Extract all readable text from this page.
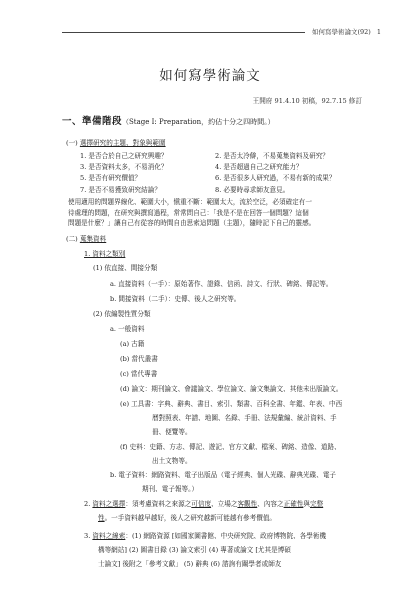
如何寫學術論文(92) 1
如何寫學術論文
王開府 91.4.10 初稿，92.7.15 修訂
一、準備階段（Stage I: Preparation，約佔十分之四時間。）
(一) 選擇研究的主題、對象與範圍
1. 是否合於自己之研究興趣？	2. 是否太冷僻，不易蒐集資料及研究？
3. 是否資料太多，不易消化？	4. 是否超過自己之研究能力？
5. 是否有研究價值？	6. 是否很多人研究過，不易有新的成果？
7. 是否不易獲致研究結論？	8. 必要時尋求師友意見。
使用適用的問題界線化、範圍大小，愼重不斷：範圍太大，流於空泛，必須確定有一
待處理的問題，在研究與撰寫過程，常常問自己：「我是不是在回答一個問題？這個
問題是什麼？」讓自己有從容的時間自由思索這問題（主題），隨時記下自己的靈感。
(二) 蒐集資料
1. 資料之類別
(1) 依直接、間接分類
a. 直接資料（一手）：原始著作、證錄、信函、詩文、行狀、碑銘、傳記等。
b. 間接資料（二手）：史傳、後人之研究等。
(2) 依編製性質分類
a. 一般資料
(a) 古籍
(b) 當代叢書
(c) 當代專書
(d) 論文：期刊論文、會議論文、學位論文、論文集論文、其他未出版論文。
(e) 工具書：字典、辭典、書目、索引、類書、百科全書、年鑑、年表、中西
曆對照表、年譜、地圖、名錄、手冊、法規彙編、統計資料、手
冊、便覽等。
(f) 史料：史籍、方志、傳記、遊記、官方文獻、檔案、碑銘、造像、道路、
出土文物等。
b. 電子資料：網路資料、電子出版品（電子經典、個人光碟、辭典光碟、電子
期刊、電子報等。）
2. 資料之選擇：須考慮資料之來源之可信度、立場之客觀性、內容之正確性與完整
性。一手資料越早越好，後人之研究越新可能越有參考價值。
3. 資料之線索：(1) 網路資源 [如國家圖書館、中央研究院、政府博物院、各學術機
構等網站] (2) 圖書目錄 (3) 論文索引 (4) 專著或論文 [尤其是博碩
士論文] 後附之「參考文獻」 (5) 辭典 (6) 諮詢有關學者或師友
